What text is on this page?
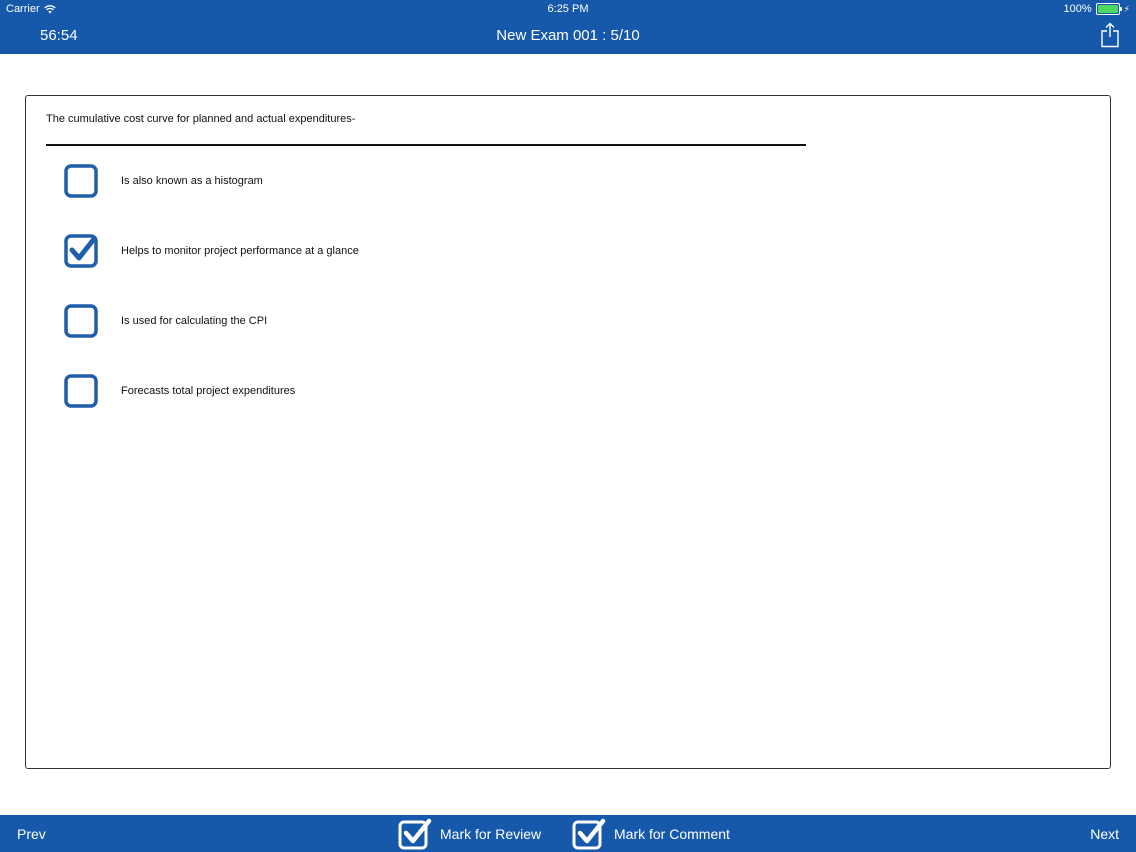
Carrier	6:25 PM	100%	⚡
56:54	New Exam 001 : 5/10
The cumulative cost curve for planned and actual expenditures-
Is also known as a histogram
Helps to monitor project performance at a glance
Is used for calculating the CPI
Forecasts total project expenditures
Prev	Mark for Review	Mark for Comment	Next
